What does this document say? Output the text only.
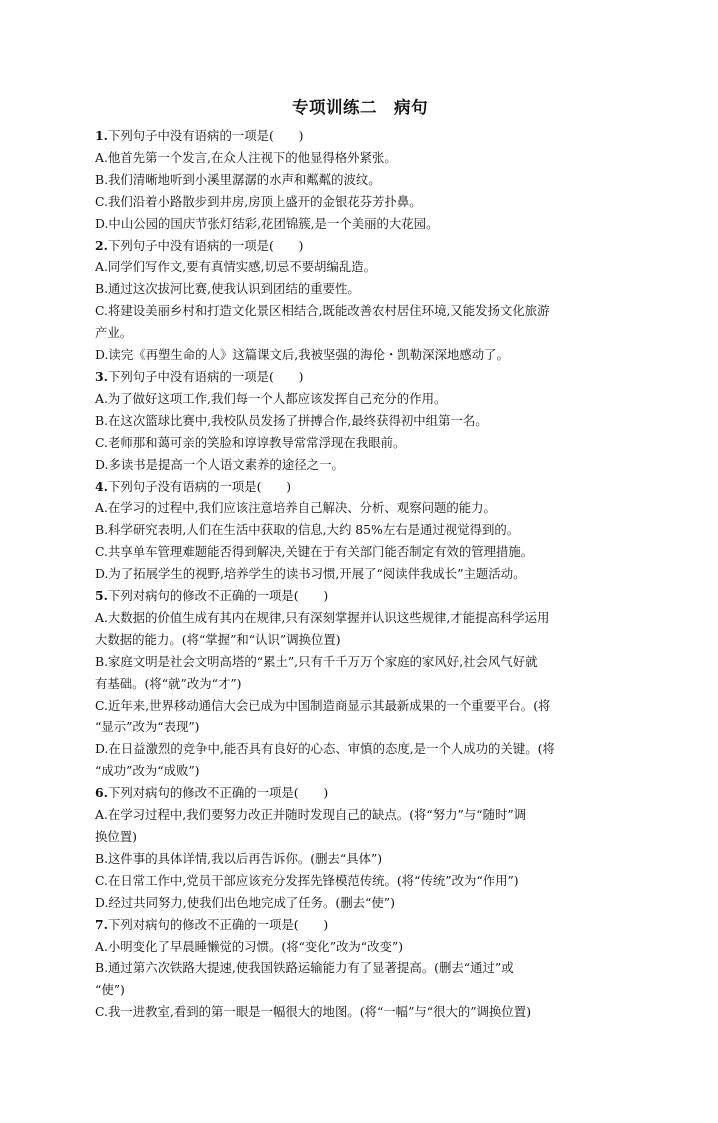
专项训练二　病句
1.下列句子中没有语病的一项是(　　)
A.他首先第一个发言,在众人注视下的他显得格外紧张。
B.我们清晰地听到小溪里潺潺的水声和粼粼的波纹。
C.我们沿着小路散步到井房,房顶上盛开的金银花芬芳扑鼻。
D.中山公园的国庆节张灯结彩,花团锦簇,是一个美丽的大花园。
2.下列句子中没有语病的一项是(　　)
A.同学们写作文,要有真情实感,切忌不要胡编乱造。
B.通过这次拔河比赛,使我认识到团结的重要性。
C.将建设美丽乡村和打造文化景区相结合,既能改善农村居住环境,又能发扬文化旅游
产业。
D.读完《再塑生命的人》这篇课文后,我被坚强的海伦・凯勒深深地感动了。
3.下列句子中没有语病的一项是(　　)
A.为了做好这项工作,我们每一个人都应该发挥自己充分的作用。
B.在这次篮球比赛中,我校队员发扬了拼搏合作,最终获得初中组第一名。
C.老师那和蔼可亲的笑脸和谆谆教导常常浮现在我眼前。
D.多读书是提高一个人语文素养的途径之一。
4.下列句子没有语病的一项是(　　)
A.在学习的过程中,我们应该注意培养自己解决、分析、观察问题的能力。
B.科学研究表明,人们在生活中获取的信息,大约 85%左右是通过视觉得到的。
C.共享单车管理难题能否得到解决,关键在于有关部门能否制定有效的管理措施。
D.为了拓展学生的视野,培养学生的读书习惯,开展了“阅读伴我成长”主题活动。
5.下列对病句的修改不正确的一项是(　　)
A.大数据的价值生成有其内在规律,只有深刻掌握并认识这些规律,才能提高科学运用
大数据的能力。(将“掌握”和“认识”调换位置)
B.家庭文明是社会文明高塔的“累土”,只有千千万万个家庭的家风好,社会风气好就
有基础。(将“就”改为“才”)
C.近年来,世界移动通信大会已成为中国制造商显示其最新成果的一个重要平台。(将
“显示”改为“表现”)
D.在日益激烈的竞争中,能否具有良好的心态、审慎的态度,是一个人成功的关键。(将
“成功”改为“成败”)
6.下列对病句的修改不正确的一项是(　　)
A.在学习过程中,我们要努力改正并随时发现自己的缺点。(将“努力”与“随时”调
换位置)
B.这件事的具体详情,我以后再告诉你。(删去“具体”)
C.在日常工作中,党员干部应该充分发挥先锋模范传统。(将“传统”改为“作用”)
D.经过共同努力,使我们出色地完成了任务。(删去“使”)
7.下列对病句的修改不正确的一项是(　　)
A.小明变化了早晨睡懒觉的习惯。(将“变化”改为“改变”)
B.通过第六次铁路大提速,使我国铁路运输能力有了显著提高。(删去“通过”或
“使”)
C.我一进教室,看到的第一眼是一幅很大的地图。(将“一幅”与“很大的”调换位置)
